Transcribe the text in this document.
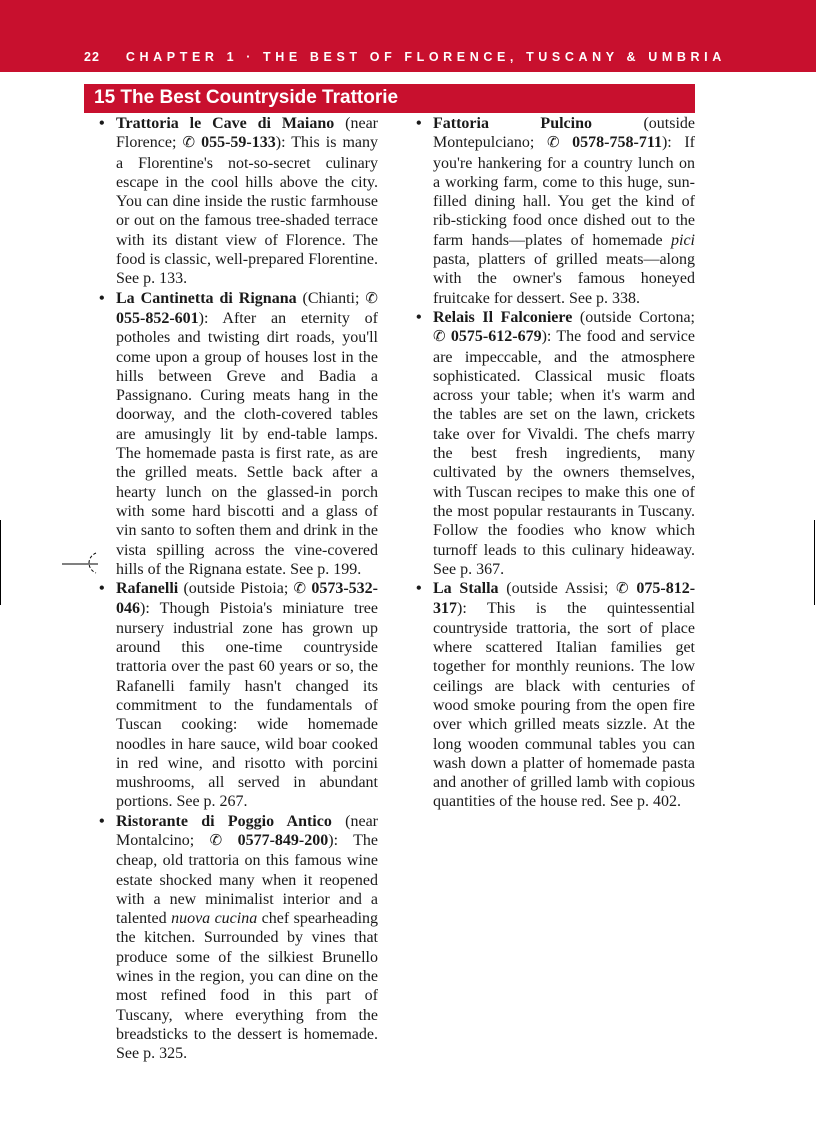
22 CHAPTER 1 · THE BEST OF FLORENCE, TUSCANY & UMBRIA
15 The Best Countryside Trattorie

• Trattoria le Cave di Maiano (near Florence; ✆ 055-59-133): This is many a Florentine's not-so-secret culinary escape in the cool hills above the city. You can dine inside the rustic farmhouse or out on the famous tree-shaded terrace with its distant view of Florence. The food is classic, well-prepared Florentine. See p. 133.

• La Cantinetta di Rignana (Chianti; ✆ 055-852-601): After an eternity of potholes and twisting dirt roads, you'll come upon a group of houses lost in the hills between Greve and Badia a Passignano. Curing meats hang in the doorway, and the cloth-covered tables are amusingly lit by end-table lamps. The homemade pasta is first rate, as are the grilled meats. Settle back after a hearty lunch on the glassed-in porch with some hard biscotti and a glass of vin santo to soften them and drink in the vista spilling across the vine-covered hills of the Rignana estate. See p. 199.

• Rafanelli (outside Pistoia; ✆ 0573-532-046): Though Pistoia's miniature tree nursery industrial zone has grown up around this one-time countryside trattoria over the past 60 years or so, the Rafanelli family hasn't changed its commitment to the fundamentals of Tuscan cooking: wide homemade noodles in hare sauce, wild boar cooked in red wine, and risotto with porcini mushrooms, all served in abundant portions. See p. 267.

• Ristorante di Poggio Antico (near Montalcino; ✆ 0577-849-200): The cheap, old trattoria on this famous wine estate shocked many when it reopened with a new minimalist interior and a talented nuova cucina chef spearheading the kitchen. Surrounded by vines that produce some of the silkiest Brunello wines in the region, you can dine on the most refined food in this part of Tuscany, where everything from the breadsticks to the dessert is homemade. See p. 325.

• Fattoria Pulcino (outside Montepulciano; ✆ 0578-758-711): If you're hankering for a country lunch on a working farm, come to this huge, sun-filled dining hall. You get the kind of rib-sticking food once dished out to the farm hands—plates of homemade pici pasta, platters of grilled meats—along with the owner's famous honeyed fruitcake for dessert. See p. 338.

• Relais Il Falconiere (outside Cortona; ✆ 0575-612-679): The food and service are impeccable, and the atmosphere sophisticated. Classical music floats across your table; when it's warm and the tables are set on the lawn, crickets take over for Vivaldi. The chefs marry the best fresh ingredients, many cultivated by the owners themselves, with Tuscan recipes to make this one of the most popular restaurants in Tuscany. Follow the foodies who know which turnoff leads to this culinary hideaway. See p. 367.

• La Stalla (outside Assisi; ✆ 075-812-317): This is the quintessential countryside trattoria, the sort of place where scattered Italian families get together for monthly reunions. The low ceilings are black with centuries of wood smoke pouring from the open fire over which grilled meats sizzle. At the long wooden communal tables you can wash down a platter of homemade pasta and another of grilled lamb with copious quantities of the house red. See p. 402.
